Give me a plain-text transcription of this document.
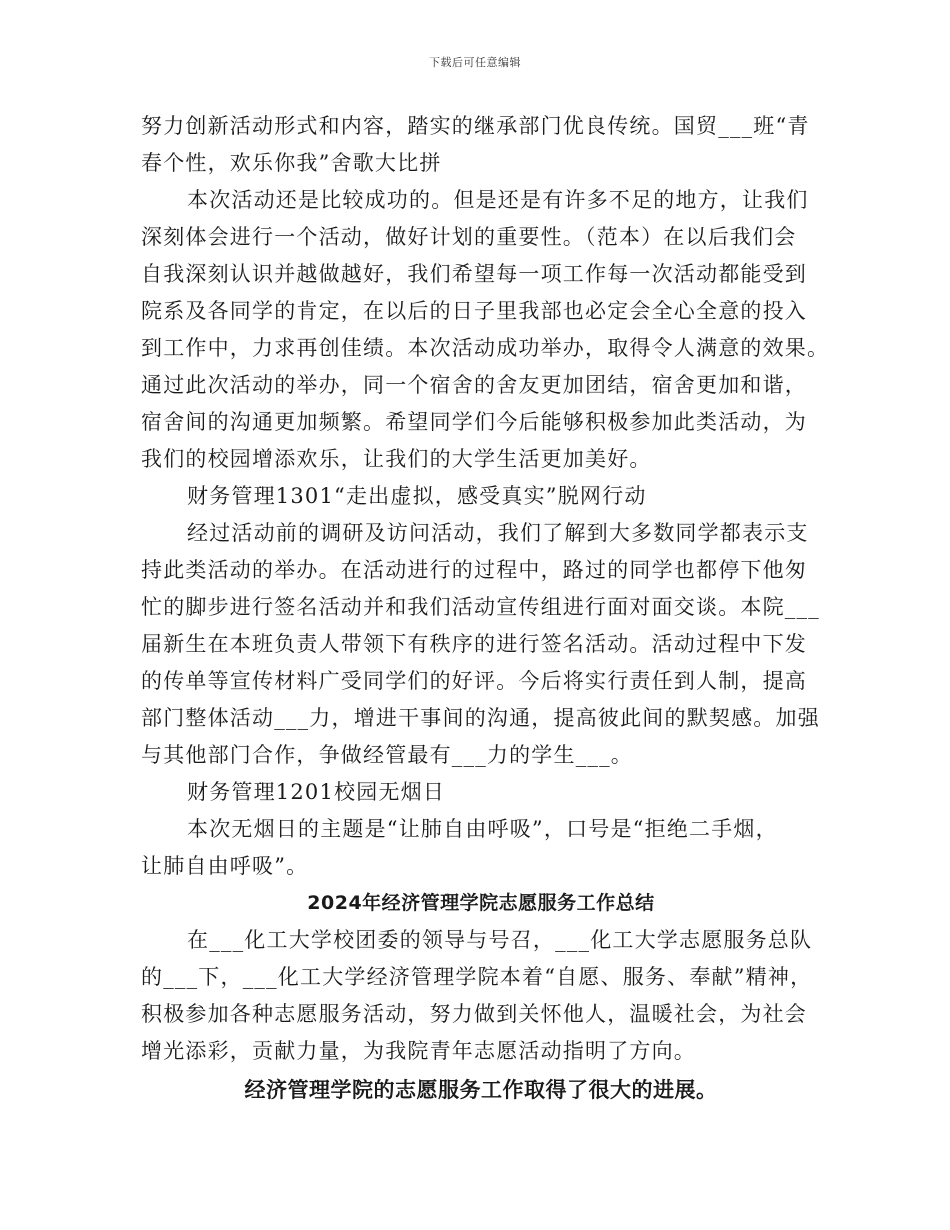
下载后可任意编辑
努力创新活动形式和内容，踏实的继承部门优良传统。国贸___班“青
春个性，欢乐你我”舍歌大比拼
本次活动还是比较成功的。但是还是有许多不足的地方，让我们
深刻体会进行一个活动，做好计划的重要性。（范本）在以后我们会
自我深刻认识并越做越好，我们希望每一项工作每一次活动都能受到
院系及各同学的肯定，在以后的日子里我部也必定会全心全意的投入
到工作中，力求再创佳绩。本次活动成功举办，取得令人满意的效果。
通过此次活动的举办，同一个宿舍的舍友更加团结，宿舍更加和谐，
宿舍间的沟通更加频繁。希望同学们今后能够积极参加此类活动，为
我们的校园增添欢乐，让我们的大学生活更加美好。
财务管理1301“走出虚拟，感受真实”脱网行动
经过活动前的调研及访问活动，我们了解到大多数同学都表示支
持此类活动的举办。在活动进行的过程中，路过的同学也都停下他匆
忙的脚步进行签名活动并和我们活动宣传组进行面对面交谈。本院___
届新生在本班负责人带领下有秩序的进行签名活动。活动过程中下发
的传单等宣传材料广受同学们的好评。今后将实行责任到人制，提高
部门整体活动___力，增进干事间的沟通，提高彼此间的默契感。加强
与其他部门合作，争做经管最有___力的学生___。
财务管理1201校园无烟日
本次无烟日的主题是“让肺自由呼吸”，口号是“拒绝二手烟，
让肺自由呼吸”。
2024年经济管理学院志愿服务工作总结
在___化工大学校团委的领导与号召，___化工大学志愿服务总队
的___下，___化工大学经济管理学院本着“自愿、服务、奉献”精神，
积极参加各种志愿服务活动，努力做到关怀他人，温暖社会，为社会
增光添彩，贡献力量，为我院青年志愿活动指明了方向。
经济管理学院的志愿服务工作取得了很大的进展。
